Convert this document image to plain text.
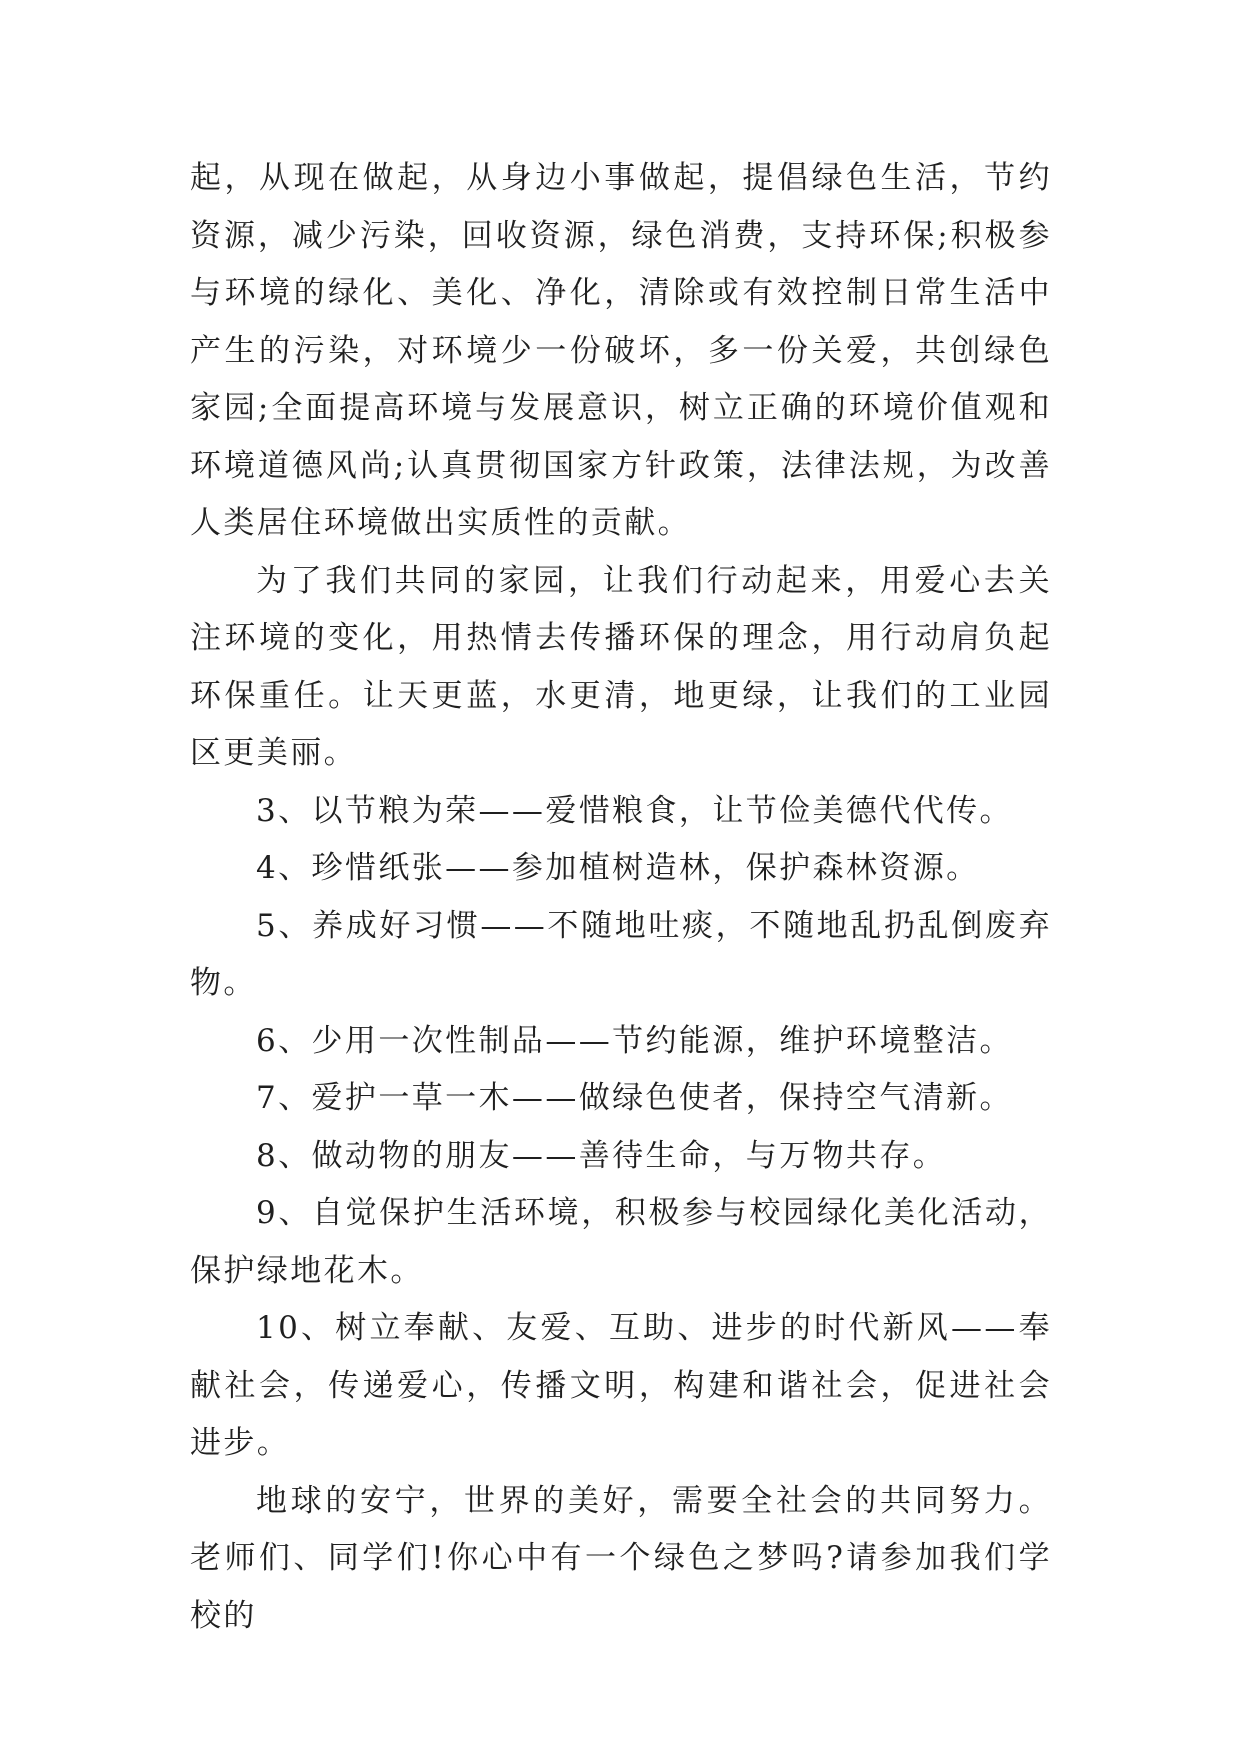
起，从现在做起，从身边小事做起，提倡绿色生活，节约资源，减少污染，回收资源，绿色消费，支持环保;积极参与环境的绿化、美化、净化，清除或有效控制日常生活中产生的污染，对环境少一份破坏，多一份关爱，共创绿色家园;全面提高环境与发展意识，树立正确的环境价值观和环境道德风尚;认真贯彻国家方针政策，法律法规，为改善人类居住环境做出实质性的贡献。

为了我们共同的家园，让我们行动起来，用爱心去关注环境的变化，用热情去传播环保的理念，用行动肩负起环保重任。让天更蓝，水更清，地更绿，让我们的工业园区更美丽。

3、以节粮为荣——爱惜粮食，让节俭美德代代传。

4、珍惜纸张——参加植树造林，保护森林资源。

5、养成好习惯——不随地吐痰，不随地乱扔乱倒废弃物。

6、少用一次性制品——节约能源，维护环境整洁。

7、爱护一草一木——做绿色使者，保持空气清新。

8、做动物的朋友——善待生命，与万物共存。

9、自觉保护生活环境，积极参与校园绿化美化活动，保护绿地花木。

10、树立奉献、友爱、互助、进步的时代新风——奉献社会，传递爱心，传播文明，构建和谐社会，促进社会进步。

地球的安宁，世界的美好，需要全社会的共同努力。老师们、同学们!你心中有一个绿色之梦吗?请参加我们学校的
